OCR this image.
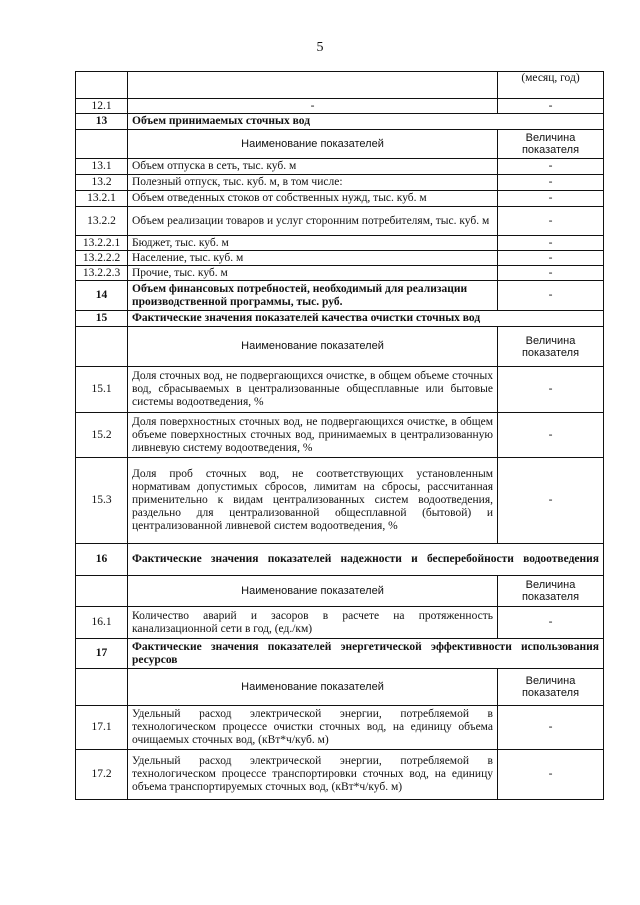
5
		(месяц, год)
12.1	-	-
13	Объем принимаемых сточных вод	
	Наименование показателей	Величина показателя
13.1	Объем отпуска в сеть, тыс. куб. м	-
13.2	Полезный отпуск, тыс. куб. м, в том числе:	-
13.2.1	Объем отведенных стоков от собственных нужд, тыс. куб. м	-
13.2.2	Объем реализации товаров и услуг сторонним потребителям, тыс. куб. м	-
13.2.2.1	Бюджет, тыс. куб. м	-
13.2.2.2	Население, тыс. куб. м	-
13.2.2.3	Прочие, тыс. куб. м	-
14	Объем финансовых потребностей, необходимый для реализации производственной программы, тыс. руб.	-
15	Фактические значения показателей качества очистки сточных вод	
	Наименование показателей	Величина показателя
15.1	Доля сточных вод, не подвергающихся очистке, в общем объеме сточных вод, сбрасываемых в централизованные общесплавные или бытовые системы водоотведения, %	-
15.2	Доля поверхностных сточных вод, не подвергающихся очистке, в общем объеме поверхностных сточных вод, принимаемых в централизованную ливневую систему водоотведения, %	-
15.3	Доля проб сточных вод, не соответствующих установленным нормативам допустимых сбросов, лимитам на сбросы, рассчитанная применительно к видам централизованных систем водоотведения, раздельно для централизованной общесплавной (бытовой) и централизованной ливневой систем водоотведения, %	-
16	Фактические значения показателей надежности и бесперебойности водоотведения	
	Наименование показателей	Величина показателя
16.1	Количество аварий и засоров в расчете на протяженность канализационной сети в год, (ед./км)	-
17	Фактические значения показателей энергетической эффективности использования ресурсов	
	Наименование показателей	Величина показателя
17.1	Удельный расход электрической энергии, потребляемой в технологическом процессе очистки сточных вод, на единицу объема очищаемых сточных вод, (кВт*ч/куб. м)	-
17.2	Удельный расход электрической энергии, потребляемой в технологическом процессе транспортировки сточных вод, на единицу объема транспортируемых сточных вод, (кВт*ч/куб. м)	-
